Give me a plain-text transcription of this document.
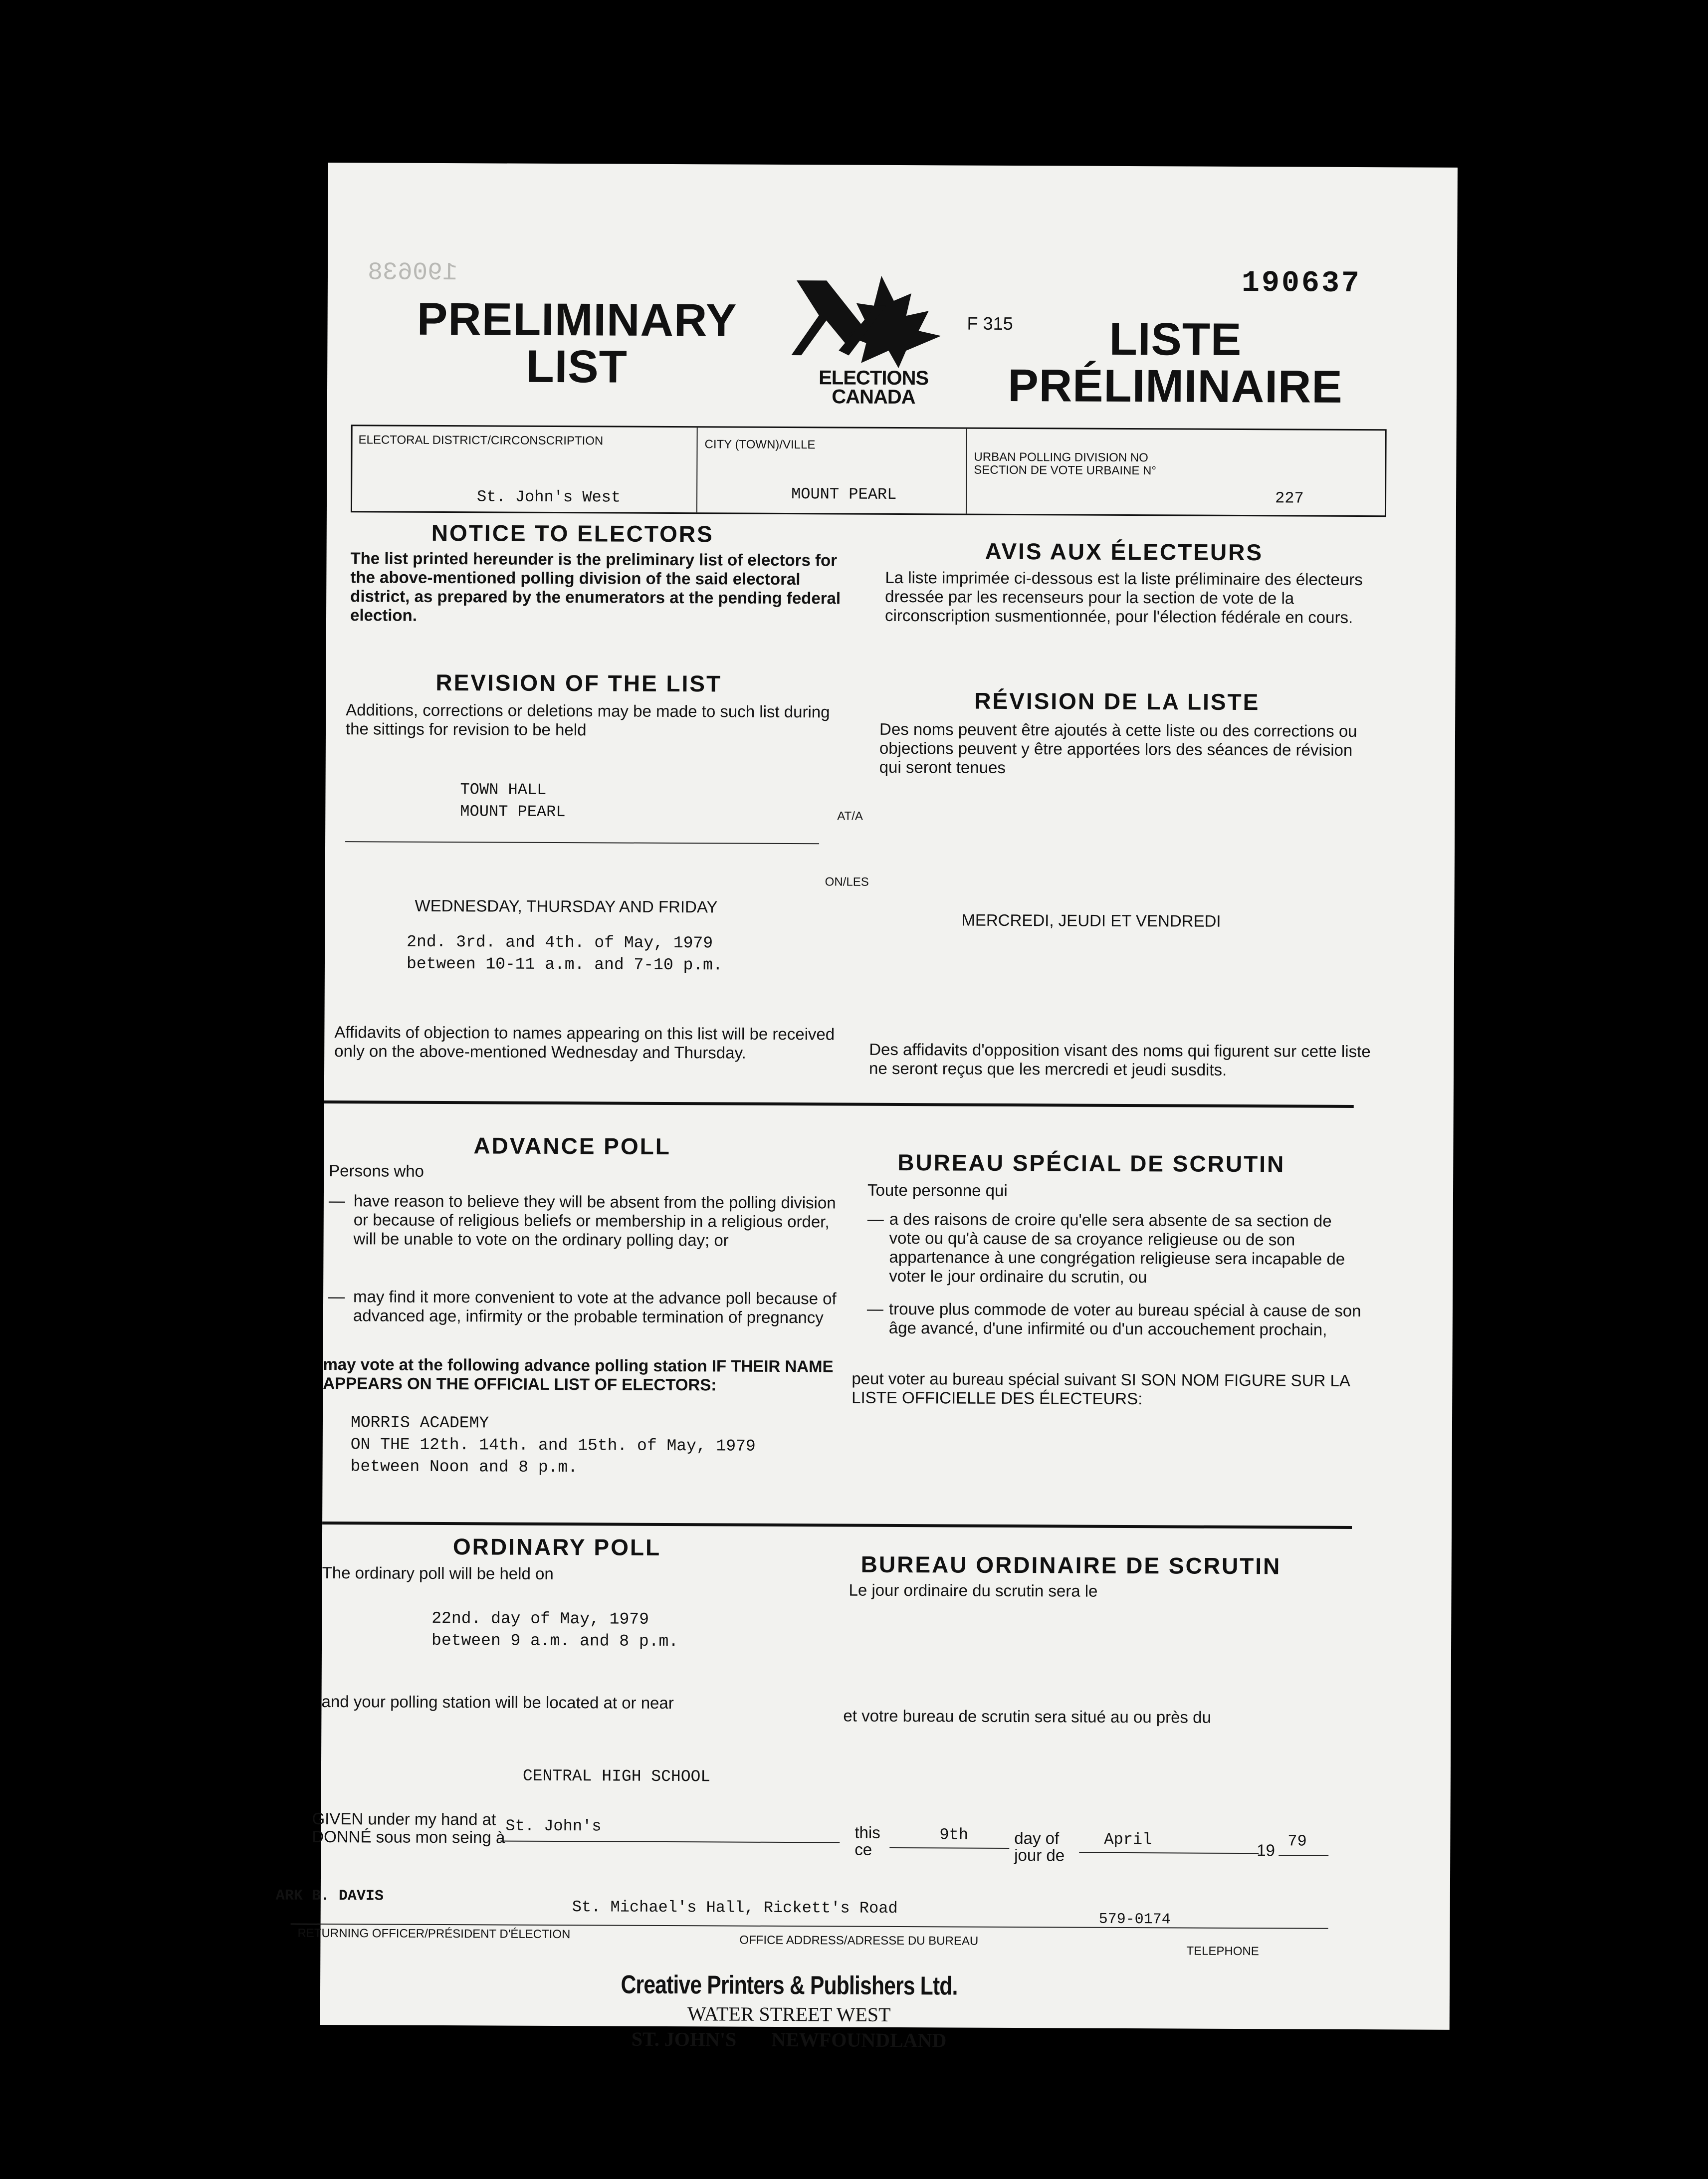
190637
190638
PRELIMINARY
LIST	ELECTIONS
CANADA
F 315	LISTE
PRÉLIMINAIRE
ELECTORAL DISTRICT/CIRCONSCRIPTION
St. John's West
CITY (TOWN)/VILLE
MOUNT PEARL
URBAN POLLING DIVISION NO
SECTION DE VOTE URBAINE N°
227
NOTICE TO ELECTORS
AVIS AUX ÉLECTEURS
The list printed hereunder is the preliminary list of electors for the above-mentioned polling division of the said electoral district, as prepared by the enumerators at the pending federal election.
La liste imprimée ci-dessous est la liste préliminaire des électeurs dressée par les recenseurs pour la section de vote de la circonscription susmentionnée, pour l'élection fédérale en cours.
REVISION OF THE LIST
RÉVISION DE LA LISTE
Additions, corrections or deletions may be made to such list during the sittings for revision to be held	Des noms peuvent être ajoutés à cette liste ou des corrections ou objections peuvent y être apportées lors des séances de révision qui seront tenues
TOWN HALL
MOUNT PEARL	AT/A
ON/LES
WEDNESDAY, THURSDAY AND FRIDAY
MERCREDI, JEUDI ET VENDREDI
2nd. 3rd. and 4th. of May, 1979
between 10-11 a.m. and 7-10 p.m.
Affidavits of objection to names appearing on this list will be received only on the above-mentioned Wednesday and Thursday.	Des affidavits d'opposition visant des noms qui figurent sur cette liste ne seront reçus que les mercredi et jeudi susdits.
ADVANCE POLL
BUREAU SPÉCIAL DE SCRUTIN
Persons who
Toute personne qui
— have reason to believe they will be absent from the polling division or because of religious beliefs or membership in a religious order, will be unable to vote on the ordinary polling day; or
— may find it more convenient to vote at the advance poll because of advanced age, infirmity or the probable termination of pregnancy
— a des raisons de croire qu'elle sera absente de sa section de vote ou qu'à cause de sa croyance religieuse ou de son appartenance à une congrégation religieuse sera incapable de voter le jour ordinaire du scrutin, ou
— trouve plus commode de voter au bureau spécial à cause de son âge avancé, d'une infirmité ou d'un accouchement prochain,
may vote at the following advance polling station IF THEIR NAME APPEARS ON THE OFFICIAL LIST OF ELECTORS:	peut voter au bureau spécial suivant SI SON NOM FIGURE SUR LA LISTE OFFICIELLE DES ÉLECTEURS:
MORRIS ACADEMY
ON THE 12th. 14th. and 15th. of May, 1979
between Noon and 8 p.m.
ORDINARY POLL
BUREAU ORDINAIRE DE SCRUTIN
The ordinary poll will be held on
Le jour ordinaire du scrutin sera le
22nd. day of May, 1979
between 9 a.m. and 8 p.m.
and your polling station will be located at or near
et votre bureau de scrutin sera situé au ou près du
CENTRAL HIGH SCHOOL
GIVEN under my hand at
DONNÉ sous mon seing à
St. John's	this
ce
9th	day of
jour de
April
19 79
ARK B. DAVIS
St. Michael's Hall, Rickett's Road
579-0174
RETURNING OFFICER/PRÉSIDENT D'ÉLECTION	OFFICE ADDRESS/ADRESSE DU BUREAU
TELEPHONE
Creative Printers & Publishers Ltd.
WATER STREET WEST
ST. JOHN'S NEWFOUNDLAND
